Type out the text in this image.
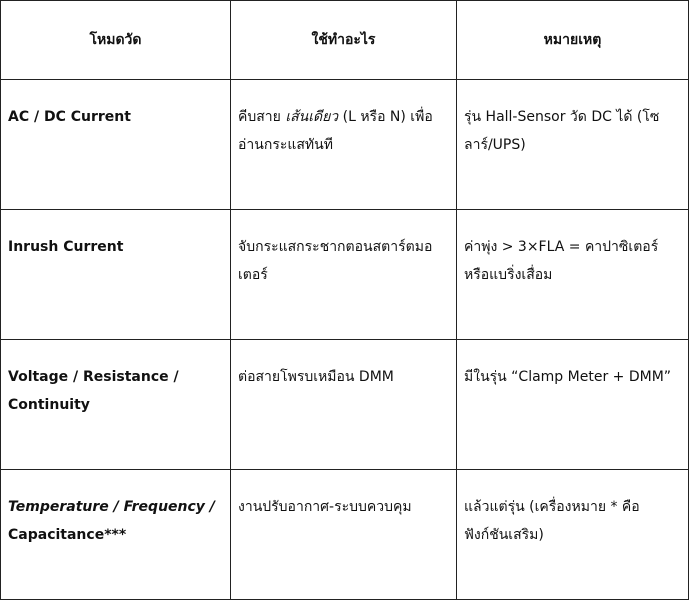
โหมดวัด	ใช้ทำอะไร	หมายเหตุ
AC / DC Current	คีบสาย เส้นเดียว (L หรือ N) เพื่ออ่านกระแสทันที	รุ่น Hall-Sensor วัด DC ได้ (โซลาร์/UPS)
Inrush Current	จับกระแสกระชากตอนสตาร์ตมอเตอร์	ค่าพุ่ง > 3×FLA = คาปาซิเตอร์หรือแบริ่งเสื่อม
Voltage / Resistance / Continuity	ต่อสายโพรบเหมือน DMM	มีในรุ่น “Clamp Meter + DMM”
Temperature / Frequency / Capacitance***	งานปรับอากาศ-ระบบควบคุม	แล้วแต่รุ่น (เครื่องหมาย * คือฟังก์ชันเสริม)
